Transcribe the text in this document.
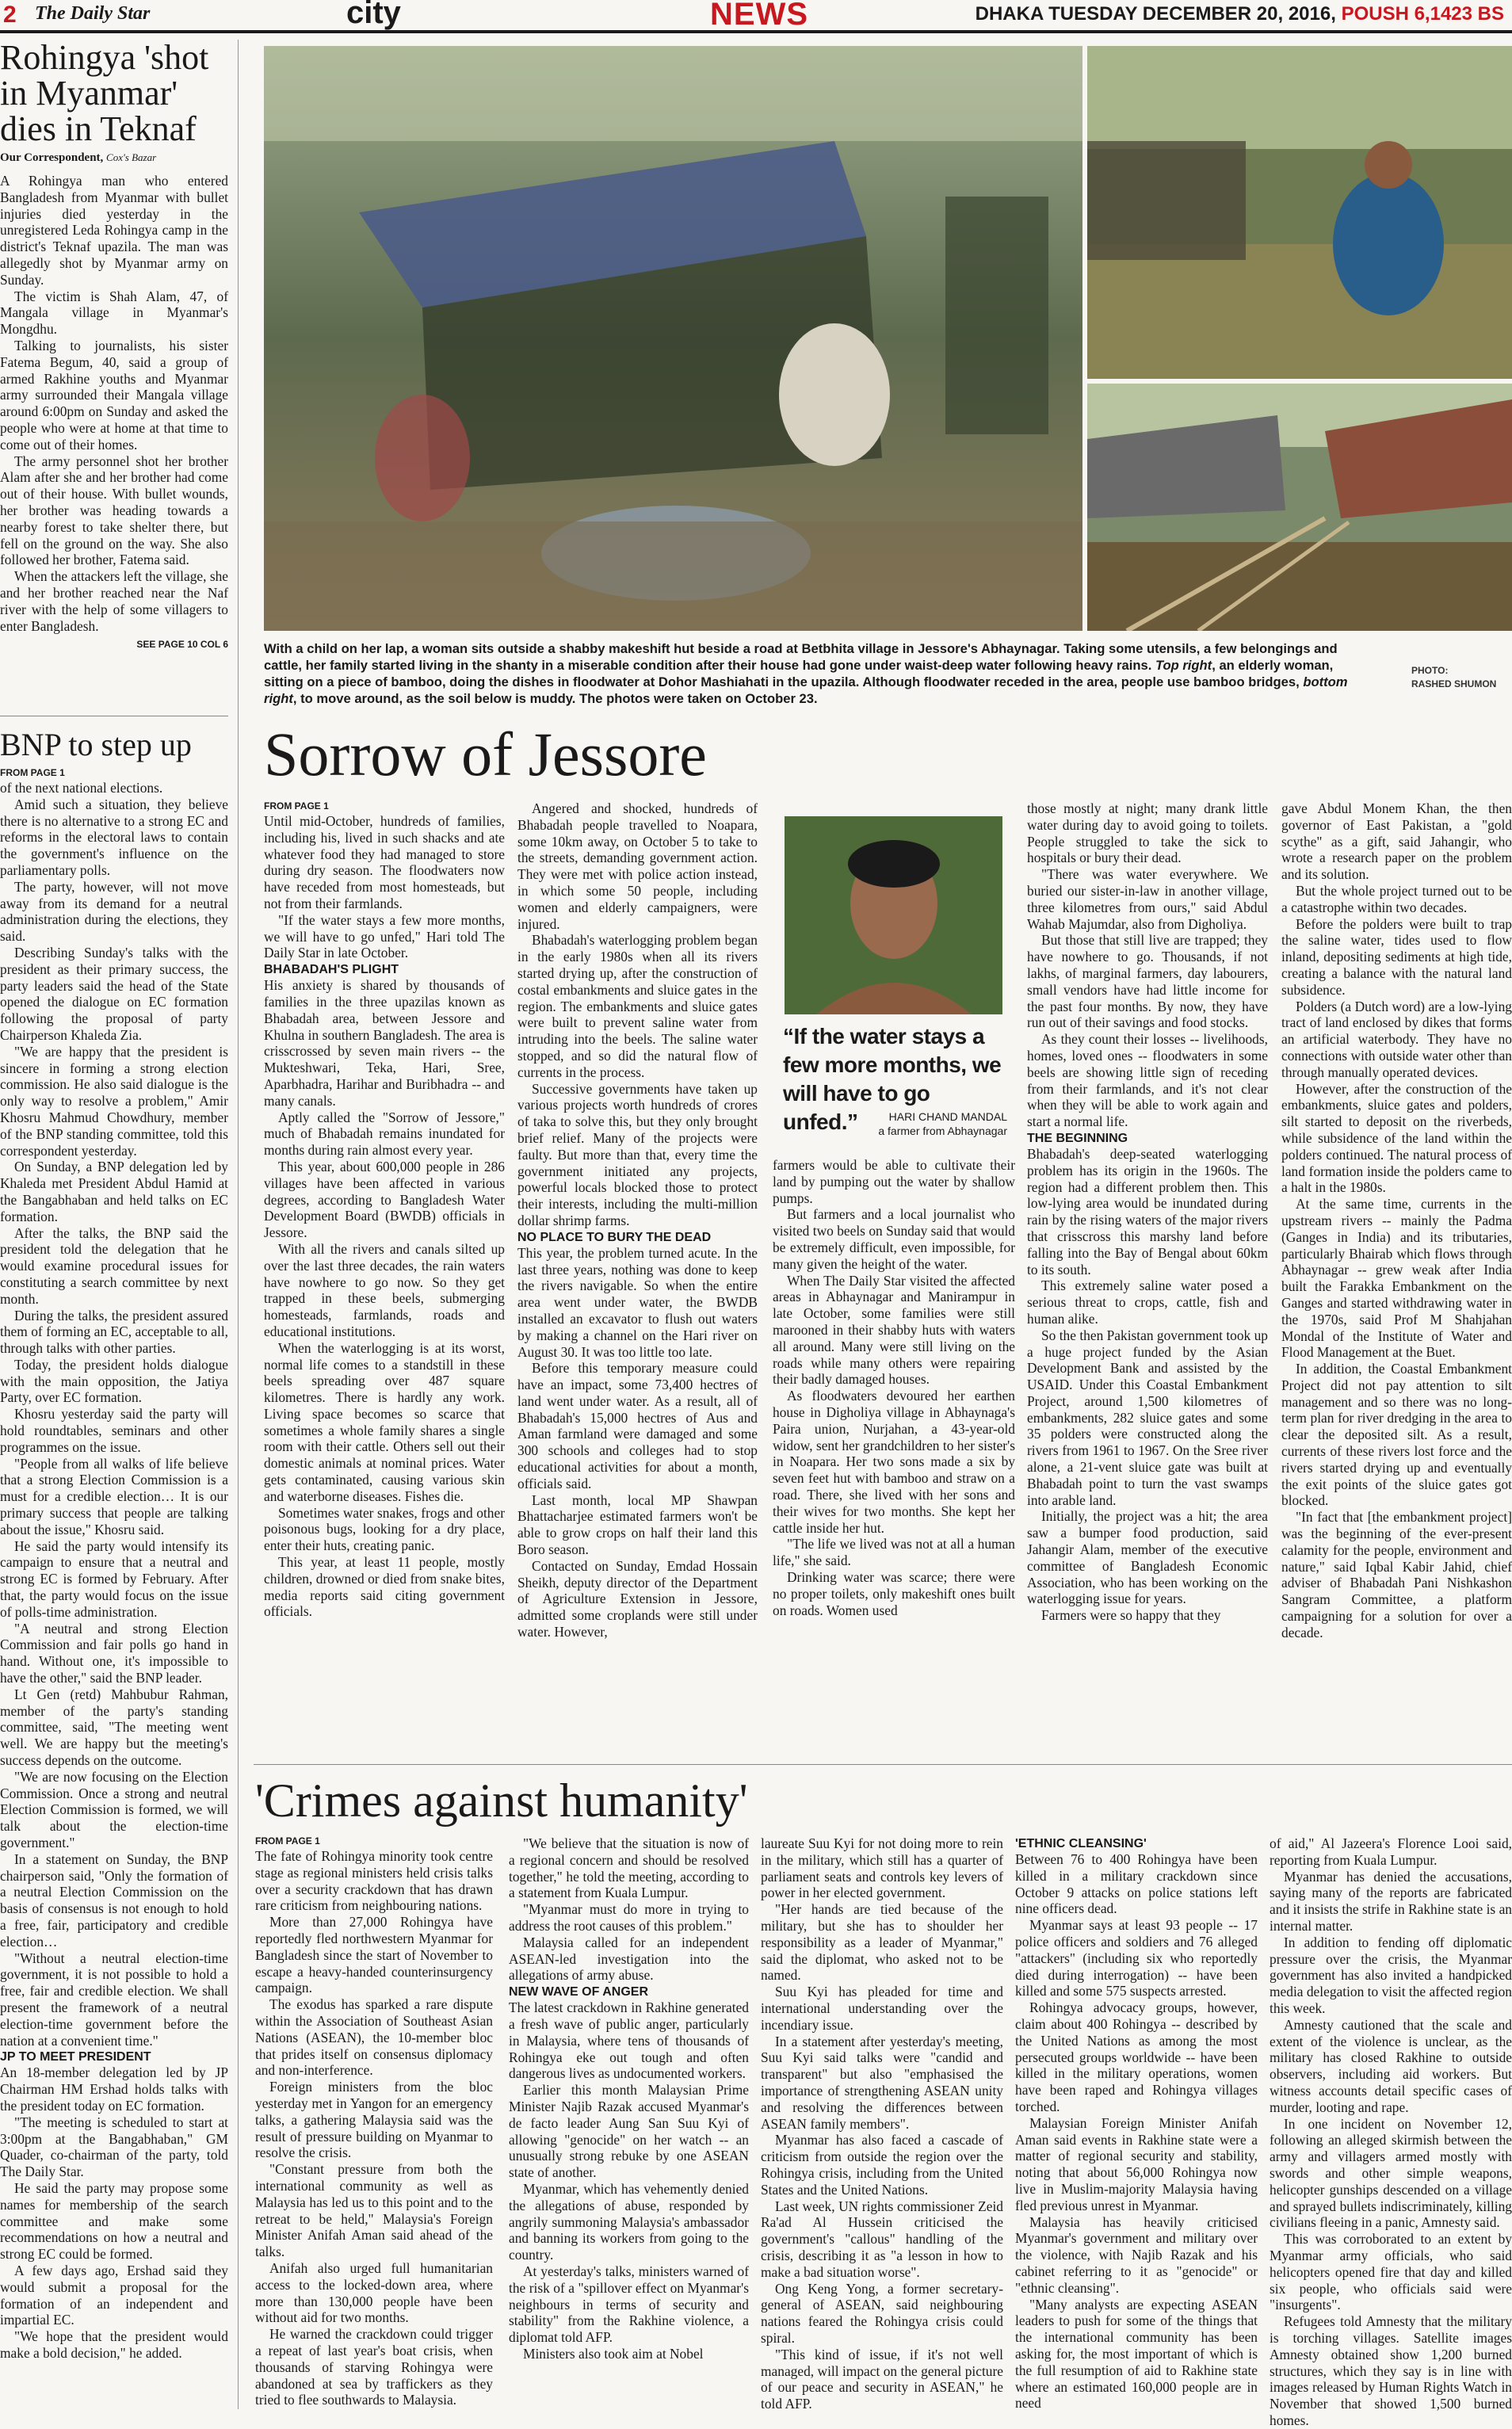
2 The Daily Star	city	NEWS	DHAKA TUESDAY DECEMBER 20, 2016, POUSH 6,1423 BS
Rohingya 'shot in Myanmar' dies in Teknaf
Our Correspondent, Cox's Bazar

A Rohingya man who entered Bangladesh from Myanmar with bullet injuries died yesterday in the unregistered Leda Rohingya camp in the district's Teknaf upazila. The man was allegedly shot by Myanmar army on Sunday.

The victim is Shah Alam, 47, of Mangala village in Myanmar's Mongdhu.

Talking to journalists, his sister Fatema Begum, 40, said a group of armed Rakhine youths and Myanmar army surrounded their Mangala village around 6:00pm on Sunday and asked the people who were at home at that time to come out of their homes.

The army personnel shot her brother Alam after she and her brother had come out of their house. With bullet wounds, her brother was heading towards a nearby forest to take shelter there, but fell on the ground on the way. She also followed her brother, Fatema said.

When the attackers left the village, she and her brother reached near the Naf river with the help of some villagers to enter Bangladesh.

SEE PAGE 10 COL 6
BNP to step up
FROM PAGE 1

of the next national elections.

Amid such a situation, they believe there is no alternative to a strong EC and reforms in the electoral laws to contain the government's influence on the parliamentary polls.

The party, however, will not move away from its demand for a neutral administration during the elections, they said.

Describing Sunday's talks with the president as their primary success, the party leaders said the head of the State opened the dialogue on EC formation following the proposal of party Chairperson Khaleda Zia.

"We are happy that the president is sincere in forming a strong election commission. He also said dialogue is the only way to resolve a problem," Amir Khosru Mahmud Chowdhury, member of the BNP standing committee, told this correspondent yesterday.

On Sunday, a BNP delegation led by Khaleda met President Abdul Hamid at the Bangabhaban and held talks on EC formation.

After the talks, the BNP said the president told the delegation that he would examine procedural issues for constituting a search committee by next month.

During the talks, the president assured them of forming an EC, acceptable to all, through talks with other parties.

Today, the president holds dialogue with the main opposition, the Jatiya Party, over EC formation.

Khosru yesterday said the party will hold roundtables, seminars and other programmes on the issue.

"People from all walks of life believe that a strong Election Commission is a must for a credible election… It is our primary success that people are talking about the issue," Khosru said.

He said the party would intensify its campaign to ensure that a neutral and strong EC is formed by February. After that, the party would focus on the issue of polls-time administration.

"A neutral and strong Election Commission and fair polls go hand in hand. Without one, it's impossible to have the other," said the BNP leader.

Lt Gen (retd) Mahbubur Rahman, member of the party's standing committee, said, "The meeting went well. We are happy but the meeting's success depends on the outcome.

"We are now focusing on the Election Commission. Once a strong and neutral Election Commission is formed, we will talk about the election-time government."

In a statement on Sunday, the BNP chairperson said, "Only the formation of a neutral Election Commission on the basis of consensus is not enough to hold a free, fair, participatory and credible election…

"Without a neutral election-time government, it is not possible to hold a free, fair and credible election. We shall present the framework of a neutral election-time government before the nation at a convenient time."

JP TO MEET PRESIDENT

An 18-member delegation led by JP Chairman HM Ershad holds talks with the president today on EC formation.

"The meeting is scheduled to start at 3:00pm at the Bangabhaban," GM Quader, co-chairman of the party, told The Daily Star.

He said the party may propose some names for membership of the search committee and make some recommendations on how a neutral and strong EC could be formed.

A few days ago, Ershad said they would submit a proposal for the formation of an independent and impartial EC.

"We hope that the president would make a bold decision," he added.

With a child on her lap, a woman sits outside a shabby makeshift hut beside a road at Betbhita village in Jessore's Abhaynagar. Taking some utensils, a few belongings and cattle, her family started living in the shanty in a miserable condition after their house had gone under waist-deep water following heavy rains. Top right, an elderly woman, sitting on a piece of bamboo, doing the dishes in floodwater at Dohor Mashiahati in the upazila. Although floodwater receded in the area, people use bamboo bridges, bottom right, to move around, as the soil below is muddy. The photos were taken on October 23.
PHOTO:
RASHED SHUMON
Sorrow of Jessore
FROM PAGE 1

Until mid-October, hundreds of families, including his, lived in such shacks and ate whatever food they had managed to store during dry season. The floodwaters now have receded from most homesteads, but not from their farmlands.

"If the water stays a few more months, we will have to go unfed," Hari told The Daily Star in late October.

BHABADAH'S PLIGHT

His anxiety is shared by thousands of families in the three upazilas known as Bhabadah area, between Jessore and Khulna in southern Bangladesh. The area is crisscrossed by seven main rivers -- the Mukteshwari, Teka, Hari, Sree, Aparbhadra, Harihar and Buribhadra -- and many canals.

Aptly called the "Sorrow of Jessore," much of Bhabadah remains inundated for months during rain almost every year.

This year, about 600,000 people in 286 villages have been affected in various degrees, according to Bangladesh Water Development Board (BWDB) officials in Jessore.

With all the rivers and canals silted up over the last three decades, the rain waters have nowhere to go now. So they get trapped in these beels, submerging homesteads, farmlands, roads and educational institutions.

When the waterlogging is at its worst, normal life comes to a standstill in these beels spreading over 487 square kilometres. There is hardly any work. Living space becomes so scarce that sometimes a whole family shares a single room with their cattle. Others sell out their domestic animals at nominal prices. Water gets contaminated, causing various skin and waterborne diseases. Fishes die.

Sometimes water snakes, frogs and other poisonous bugs, looking for a dry place, enter their huts, creating panic.

This year, at least 11 people, mostly children, drowned or died from snake bites, media reports said citing government officials.

Angered and shocked, hundreds of Bhabadah people travelled to Noapara, some 10km away, on October 5 to take to the streets, demanding government action. They were met with police action instead, in which some 50 people, including women and elderly campaigners, were injured.

Bhabadah's waterlogging problem began in the early 1980s when all its rivers started drying up, after the construction of costal embankments and sluice gates in the region. The embankments and sluice gates were built to prevent saline water from intruding into the beels. The saline water stopped, and so did the natural flow of currents in the process.

Successive governments have taken up various projects worth hundreds of crores of taka to solve this, but they only brought brief relief. Many of the projects were faulty. But more than that, every time the government initiated any projects, powerful locals blocked those to protect their interests, including the multi-million dollar shrimp farms.

NO PLACE TO BURY THE DEAD

This year, the problem turned acute. In the last three years, nothing was done to keep the rivers navigable. So when the entire area went under water, the BWDB installed an excavator to flush out waters by making a channel on the Hari river on August 30. It was too little too late.

Before this temporary measure could have an impact, some 73,400 hectres of land went under water. As a result, all of Bhabadah's 15,000 hectres of Aus and Aman farmland were damaged and some 300 schools and colleges had to stop educational activities for about a month, officials said.

Last month, local MP Shawpan Bhattacharjee estimated farmers won't be able to grow crops on half their land this Boro season.

Contacted on Sunday, Emdad Hossain Sheikh, deputy director of the Department of Agriculture Extension in Jessore, admitted some croplands were still under water. However,

“If the water stays a few more months, we will have to go unfed.”	HARI CHAND MANDAL
a farmer from Abhaynagar

farmers would be able to cultivate their land by pumping out the water by shallow pumps.

But farmers and a local journalist who visited two beels on Sunday said that would be extremely difficult, even impossible, for many given the height of the water.

When The Daily Star visited the affected areas in Abhaynagar and Manirampur in late October, some families were still marooned in their shabby huts with waters all around. Many were still living on the roads while many others were repairing their badly damaged houses.

As floodwaters devoured her earthen house in Digholiya village in Abhaynaga's Paira union, Nurjahan, a 43-year-old widow, sent her grandchildren to her sister's in Noapara. Her two sons made a six by seven feet hut with bamboo and straw on a road. There, she lived with her sons and their wives for two months. She kept her cattle inside her hut.

"The life we lived was not at all a human life," she said.

Drinking water was scarce; there were no proper toilets, only makeshift ones built on roads. Women used

those mostly at night; many drank little water during day to avoid going to toilets. People struggled to take the sick to hospitals or bury their dead.

"There was water everywhere. We buried our sister-in-law in another village, three kilometres from ours," said Abdul Wahab Majumdar, also from Digholiya.

But those that still live are trapped; they have nowhere to go. Thousands, if not lakhs, of marginal farmers, day labourers, small vendors have had little income for the past four months. By now, they have run out of their savings and food stocks.

As they count their losses -- livelihoods, homes, loved ones -- floodwaters in some beels are showing little sign of receding from their farmlands, and it's not clear when they will be able to work again and start a normal life.

THE BEGINNING

Bhabadah's deep-seated waterlogging problem has its origin in the 1960s. The region had a different problem then. This low-lying area would be inundated during rain by the rising waters of the major rivers that crisscross this marshy land before falling into the Bay of Bengal about 60km to its south.

This extremely saline water posed a serious threat to crops, cattle, fish and human alike.

So the then Pakistan government took up a huge project funded by the Asian Development Bank and assisted by the USAID. Under this Coastal Embankment Project, around 1,500 kilometres of embankments, 282 sluice gates and some 35 polders were constructed along the rivers from 1961 to 1967. On the Sree river alone, a 21-vent sluice gate was built at Bhabadah point to turn the vast swamps into arable land.

Initially, the project was a hit; the area saw a bumper food production, said Jahangir Alam, member of the executive committee of Bangladesh Economic Association, who has been working on the waterlogging issue for years.

Farmers were so happy that they

gave Abdul Monem Khan, the then governor of East Pakistan, a "gold scythe" as a gift, said Jahangir, who wrote a research paper on the problem and its solution.

But the whole project turned out to be a catastrophe within two decades.

Before the polders were built to trap the saline water, tides used to flow inland, depositing sediments at high tide, creating a balance with the natural land subsidence.

Polders (a Dutch word) are a low-lying tract of land enclosed by dikes that forms an artificial waterbody. They have no connections with outside water other than through manually operated devices.

However, after the construction of the embankments, sluice gates and polders, silt started to deposit on the riverbeds, while subsidence of the land within the polders continued. The natural process of land formation inside the polders came to a halt in the 1980s.

At the same time, currents in the upstream rivers -- mainly the Padma (Ganges in India) and its tributaries, particularly Bhairab which flows through Abhaynagar -- grew weak after India built the Farakka Embankment on the Ganges and started withdrawing water in the 1970s, said Prof M Shahjahan Mondal of the Institute of Water and Flood Management at the Buet.

In addition, the Coastal Embankment Project did not pay attention to silt management and so there was no long-term plan for river dredging in the area to clear the deposited silt. As a result, currents of these rivers lost force and the rivers started drying up and eventually the exit points of the sluice gates got blocked.

"In fact that [the embankment project] was the beginning of the ever-present calamity for the people, environment and nature," said Iqbal Kabir Jahid, chief adviser of Bhabadah Pani Nishkashon Sangram Committee, a platform campaigning for a solution for over a decade.

'Crimes against humanity'
FROM PAGE 1

The fate of Rohingya minority took centre stage as regional ministers held crisis talks over a security crackdown that has drawn rare criticism from neighbouring nations.

More than 27,000 Rohingya have reportedly fled northwestern Myanmar for Bangladesh since the start of November to escape a heavy-handed counterinsurgency campaign.

The exodus has sparked a rare dispute within the Association of Southeast Asian Nations (ASEAN), the 10-member bloc that prides itself on consensus diplomacy and non-interference.

Foreign ministers from the bloc yesterday met in Yangon for an emergency talks, a gathering Malaysia said was the result of pressure building on Myanmar to resolve the crisis.

"Constant pressure from both the international community as well as Malaysia has led us to this point and to the retreat to be held," Malaysia's Foreign Minister Anifah Aman said ahead of the talks.

Anifah also urged full humanitarian access to the locked-down area, where more than 130,000 people have been without aid for two months.

He warned the crackdown could trigger a repeat of last year's boat crisis, when thousands of starving Rohingya were abandoned at sea by traffickers as they tried to flee southwards to Malaysia.

"We believe that the situation is now of a regional concern and should be resolved together," he told the meeting, according to a statement from Kuala Lumpur.

"Myanmar must do more in trying to address the root causes of this problem."

Malaysia called for an independent ASEAN-led investigation into the allegations of army abuse.

NEW WAVE OF ANGER

The latest crackdown in Rakhine generated a fresh wave of public anger, particularly in Malaysia, where tens of thousands of Rohingya eke out tough and often dangerous lives as undocumented workers.

Earlier this month Malaysian Prime Minister Najib Razak accused Myanmar's de facto leader Aung San Suu Kyi of allowing "genocide" on her watch -- an unusually strong rebuke by one ASEAN state of another.

Myanmar, which has vehemently denied the allegations of abuse, responded by angrily summoning Malaysia's ambassador and banning its workers from going to the country.

At yesterday's talks, ministers warned of the risk of a "spillover effect on Myanmar's neighbours in terms of security and stability" from the Rakhine violence, a diplomat told AFP.

Ministers also took aim at Nobel

laureate Suu Kyi for not doing more to rein in the military, which still has a quarter of parliament seats and controls key levers of power in her elected government.

"Her hands are tied because of the military, but she has to shoulder her responsibility as a leader of Myanmar," said the diplomat, who asked not to be named.

Suu Kyi has pleaded for time and international understanding over the incendiary issue.

In a statement after yesterday's meeting, Suu Kyi said talks were "candid and transparent" but also "emphasised the importance of strengthening ASEAN unity and resolving the differences between ASEAN family members".

Myanmar has also faced a cascade of criticism from outside the region over the Rohingya crisis, including from the United States and the United Nations.

Last week, UN rights commissioner Zeid Ra'ad Al Hussein criticised the government's "callous" handling of the crisis, describing it as "a lesson in how to make a bad situation worse".

Ong Keng Yong, a former secretary-general of ASEAN, said neighbouring nations feared the Rohingya crisis could spiral.

"This kind of issue, if it's not well managed, will impact on the general picture of our peace and security in ASEAN," he told AFP.

'ETHNIC CLEANSING'

Between 76 to 400 Rohingya have been killed in a military crackdown since October 9 attacks on police stations left nine officers dead.

Myanmar says at least 93 people -- 17 police officers and soldiers and 76 alleged "attackers" (including six who reportedly died during interrogation) -- have been killed and some 575 suspects arrested.

Rohingya advocacy groups, however, claim about 400 Rohingya -- described by the United Nations as among the most persecuted groups worldwide -- have been killed in the military operations, women have been raped and Rohingya villages torched.

Malaysian Foreign Minister Anifah Aman said events in Rakhine state were a matter of regional security and stability, noting that about 56,000 Rohingya now live in Muslim-majority Malaysia having fled previous unrest in Myanmar.

Malaysia has heavily criticised Myanmar's government and military over the violence, with Najib Razak and his cabinet referring to it as "genocide" or "ethnic cleansing".

"Many analysts are expecting ASEAN leaders to push for some of the things that the international community has been asking for, the most important of which is the full resumption of aid to Rakhine state where an estimated 160,000 people are in need

of aid," Al Jazeera's Florence Looi said, reporting from Kuala Lumpur.

Myanmar has denied the accusations, saying many of the reports are fabricated and it insists the strife in Rakhine state is an internal matter.

In addition to fending off diplomatic pressure over the crisis, the Myanmar government has also invited a handpicked media delegation to visit the affected region this week.

Amnesty cautioned that the scale and extent of the violence is unclear, as the military has closed Rakhine to outside observers, including aid workers. But witness accounts detail specific cases of murder, looting and rape.

In one incident on November 12, following an alleged skirmish between the army and villagers armed mostly with swords and other simple weapons, helicopter gunships descended on a village and sprayed bullets indiscriminately, killing civilians fleeing in a panic, Amnesty said.

This was corroborated to an extent by Myanmar army officials, who said helicopters opened fire that day and killed six people, who officials said were "insurgents".

Refugees told Amnesty that the military is torching villages. Satellite images Amnesty obtained show 1,200 burned structures, which they say is in line with images released by Human Rights Watch in November that showed 1,500 burned homes.
